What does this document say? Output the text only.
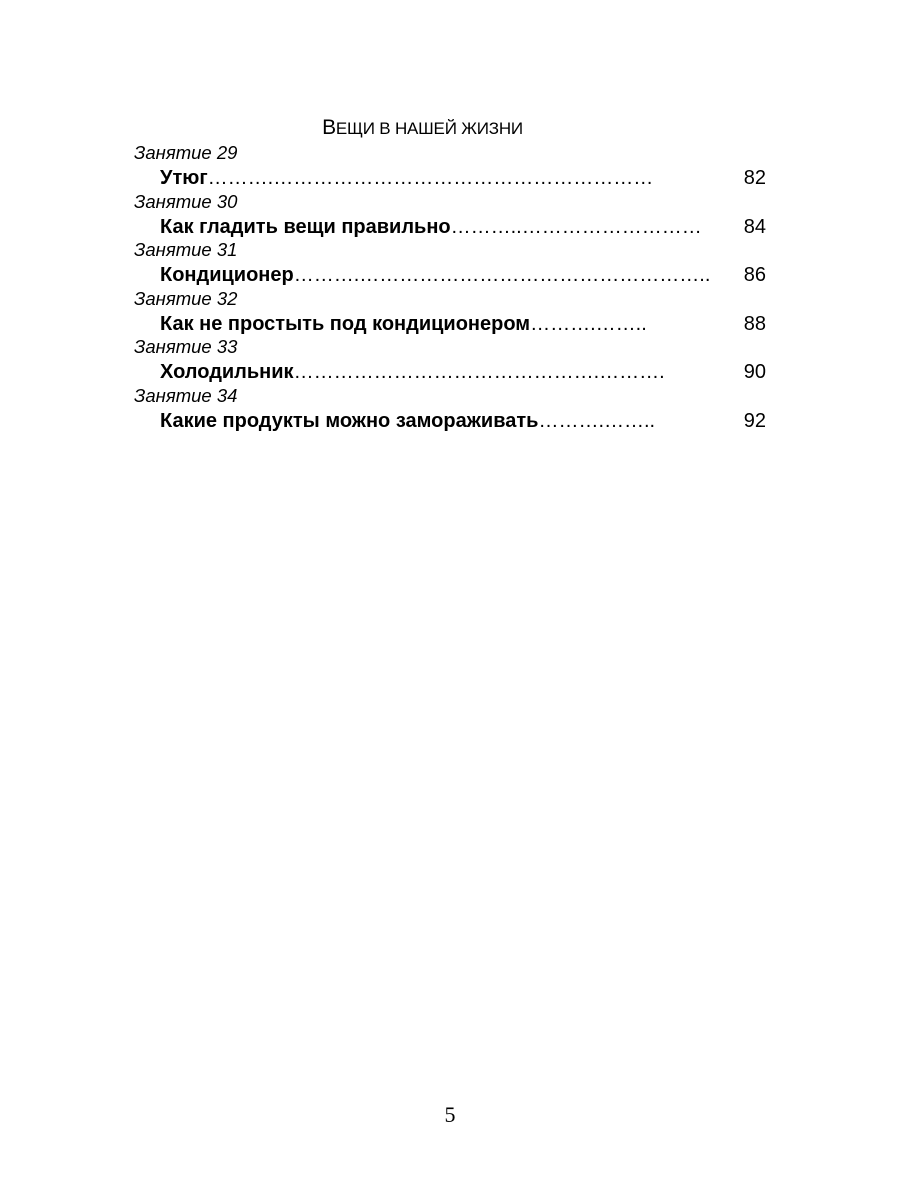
ВЕЩИ В НАШЕЙ ЖИЗНИ
Занятие 29
Утюг……….…………………………………………………	82
Занятие 30
Как гладить вещи правильно………..……………………… 84
Занятие 31
Кондиционер……….…………………………………………….. 86
Занятие 32
Как не простыть под кондиционером……….……..	88
Занятие 33
Холодильник……………………………………….……….	90
Занятие 34
Какие продукты можно замораживать……….……..	92
5
